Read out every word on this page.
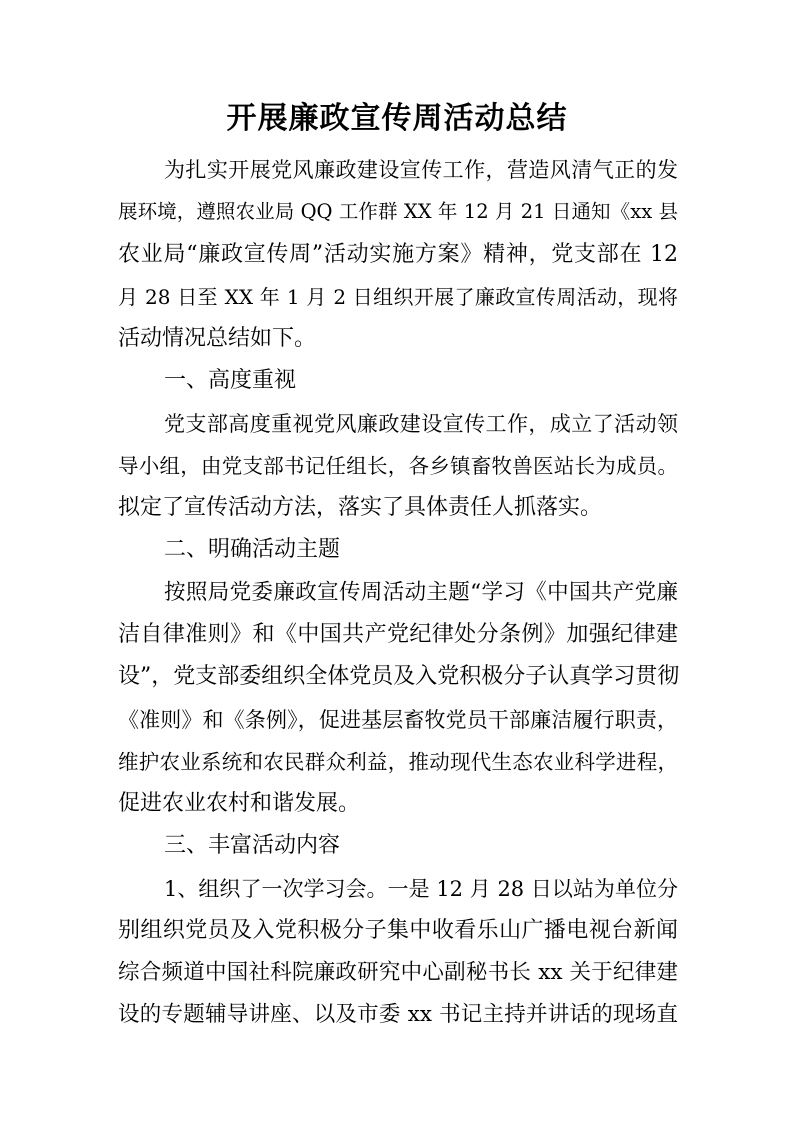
开展廉政宣传周活动总结
为扎实开展党风廉政建设宣传工作，营造风清气正的发
展环境，遵照农业局 QQ 工作群 XX 年 12 月 21 日通知《xx 县
农业局“廉政宣传周”活动实施方案》精神，党支部在 12
月 28 日至 XX 年 1 月 2 日组织开展了廉政宣传周活动，现将
活动情况总结如下。
一、高度重视
党支部高度重视党风廉政建设宣传工作，成立了活动领
导小组，由党支部书记任组长，各乡镇畜牧兽医站长为成员。
拟定了宣传活动方法，落实了具体责任人抓落实。
二、明确活动主题
按照局党委廉政宣传周活动主题“学习《中国共产党廉
洁自律准则》和《中国共产党纪律处分条例》加强纪律建
设”，党支部委组织全体党员及入党积极分子认真学习贯彻
《准则》和《条例》，促进基层畜牧党员干部廉洁履行职责，
维护农业系统和农民群众利益，推动现代生态农业科学进程，
促进农业农村和谐发展。
三、丰富活动内容
1、组织了一次学习会。一是 12 月 28 日以站为单位分
别组织党员及入党积极分子集中收看乐山广播电视台新闻
综合频道中国社科院廉政研究中心副秘书长 xx 关于纪律建
设的专题辅导讲座、以及市委 xx 书记主持并讲话的现场直
